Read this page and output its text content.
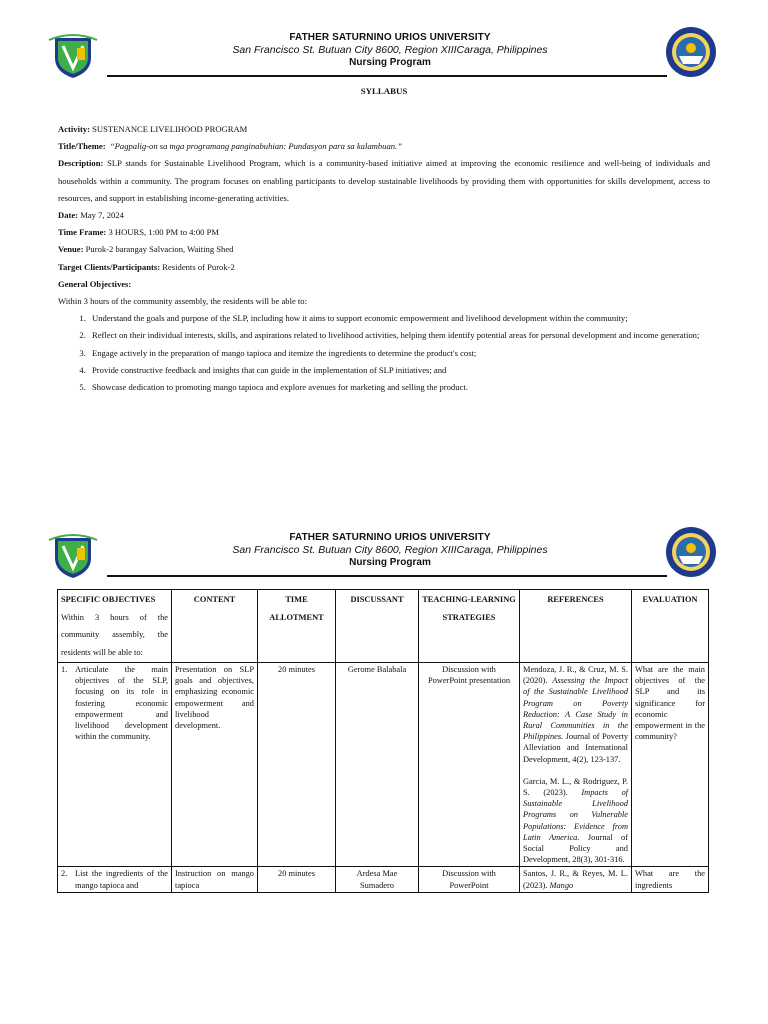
FATHER SATURNINO URIOS UNIVERSITY
San Francisco St. Butuan City 8600, Region XIIICaraga, Philippines
Nursing Program
SYLLABUS

Activity: SUSTENANCE LIVELIHOOD PROGRAM

Title/Theme: “Pagpalig-on sa mga programang panginabuhian: Pundasyon para sa kalambuan.”

Description: SLP stands for Sustainable Livelihood Program, which is a community-based initiative aimed at improving the economic resilience and well-being of individuals and households within a community. The program focuses on enabling participants to develop sustainable livelihoods by providing them with opportunities for skills development, access to resources, and support in establishing income-generating activities.

Date: May 7, 2024

Time Frame: 3 HOURS, 1:00 PM to 4:00 PM

Venue: Purok-2 barangay Salvacion, Waiting Shed

Target Clients/Participants: Residents of Purok-2

General Objectives:

Within 3 hours of the community assembly, the residents will be able to:

1. Understand the goals and purpose of the SLP, including how it aims to support economic empowerment and livelihood development within the community;
2. Reflect on their individual interests, skills, and aspirations related to livelihood activities, helping them identify potential areas for personal development and income generation;
3. Engage actively in the preparation of mango tapioca and itemize the ingredients to determine the product's cost;
4. Provide constructive feedback and insights that can guide in the implementation of SLP initiatives; and
5. Showcase dedication to promoting mango tapioca and explore avenues for marketing and selling the product.
FATHER SATURNINO URIOS UNIVERSITY
San Francisco St. Butuan City 8600, Region XIIICaraga, Philippines
Nursing Program
SPECIFIC OBJECTIVES
Within 3 hours of the community assembly, the residents will be able to:	CONTENT	TIME ALLOTMENT	DISCUSSANT	TEACHING-LEARNING STRATEGIES	REFERENCES	EVALUATION

1. Articulate the main objectives of the SLP, focusing on its role in fostering economic empowerment and livelihood development within the community.	Presentation on SLP goals and objectives, emphasizing economic empowerment and livelihood development.	20 minutes	Gerome Balabala	Discussion with PowerPoint presentation	Mendoza, J. R., & Cruz, M. S. (2020). Assessing the Impact of the Sustainable Livelihood Program on Poverty Reduction: A Case Study in Rural Communities in the Philippines. Journal of Poverty Alleviation and International Development, 4(2), 123-137.
Garcia, M. L., & Rodriguez, P. S. (2023). Impacts of Sustainable Livelihood Programs on Vulnerable Populations: Evidence from Latin America. Journal of Social Policy and Development, 28(3), 301-316.	What are the main objectives of the SLP and its significance for economic empowerment in the community?

2. List the ingredients of the mango tapioca and	Instruction on mango tapioca	20 minutes	Ardesa Mae Sumadero	Discussion with PowerPoint	Santos, J. R., & Reyes, M. L. (2023). Mango	What are the ingredients
